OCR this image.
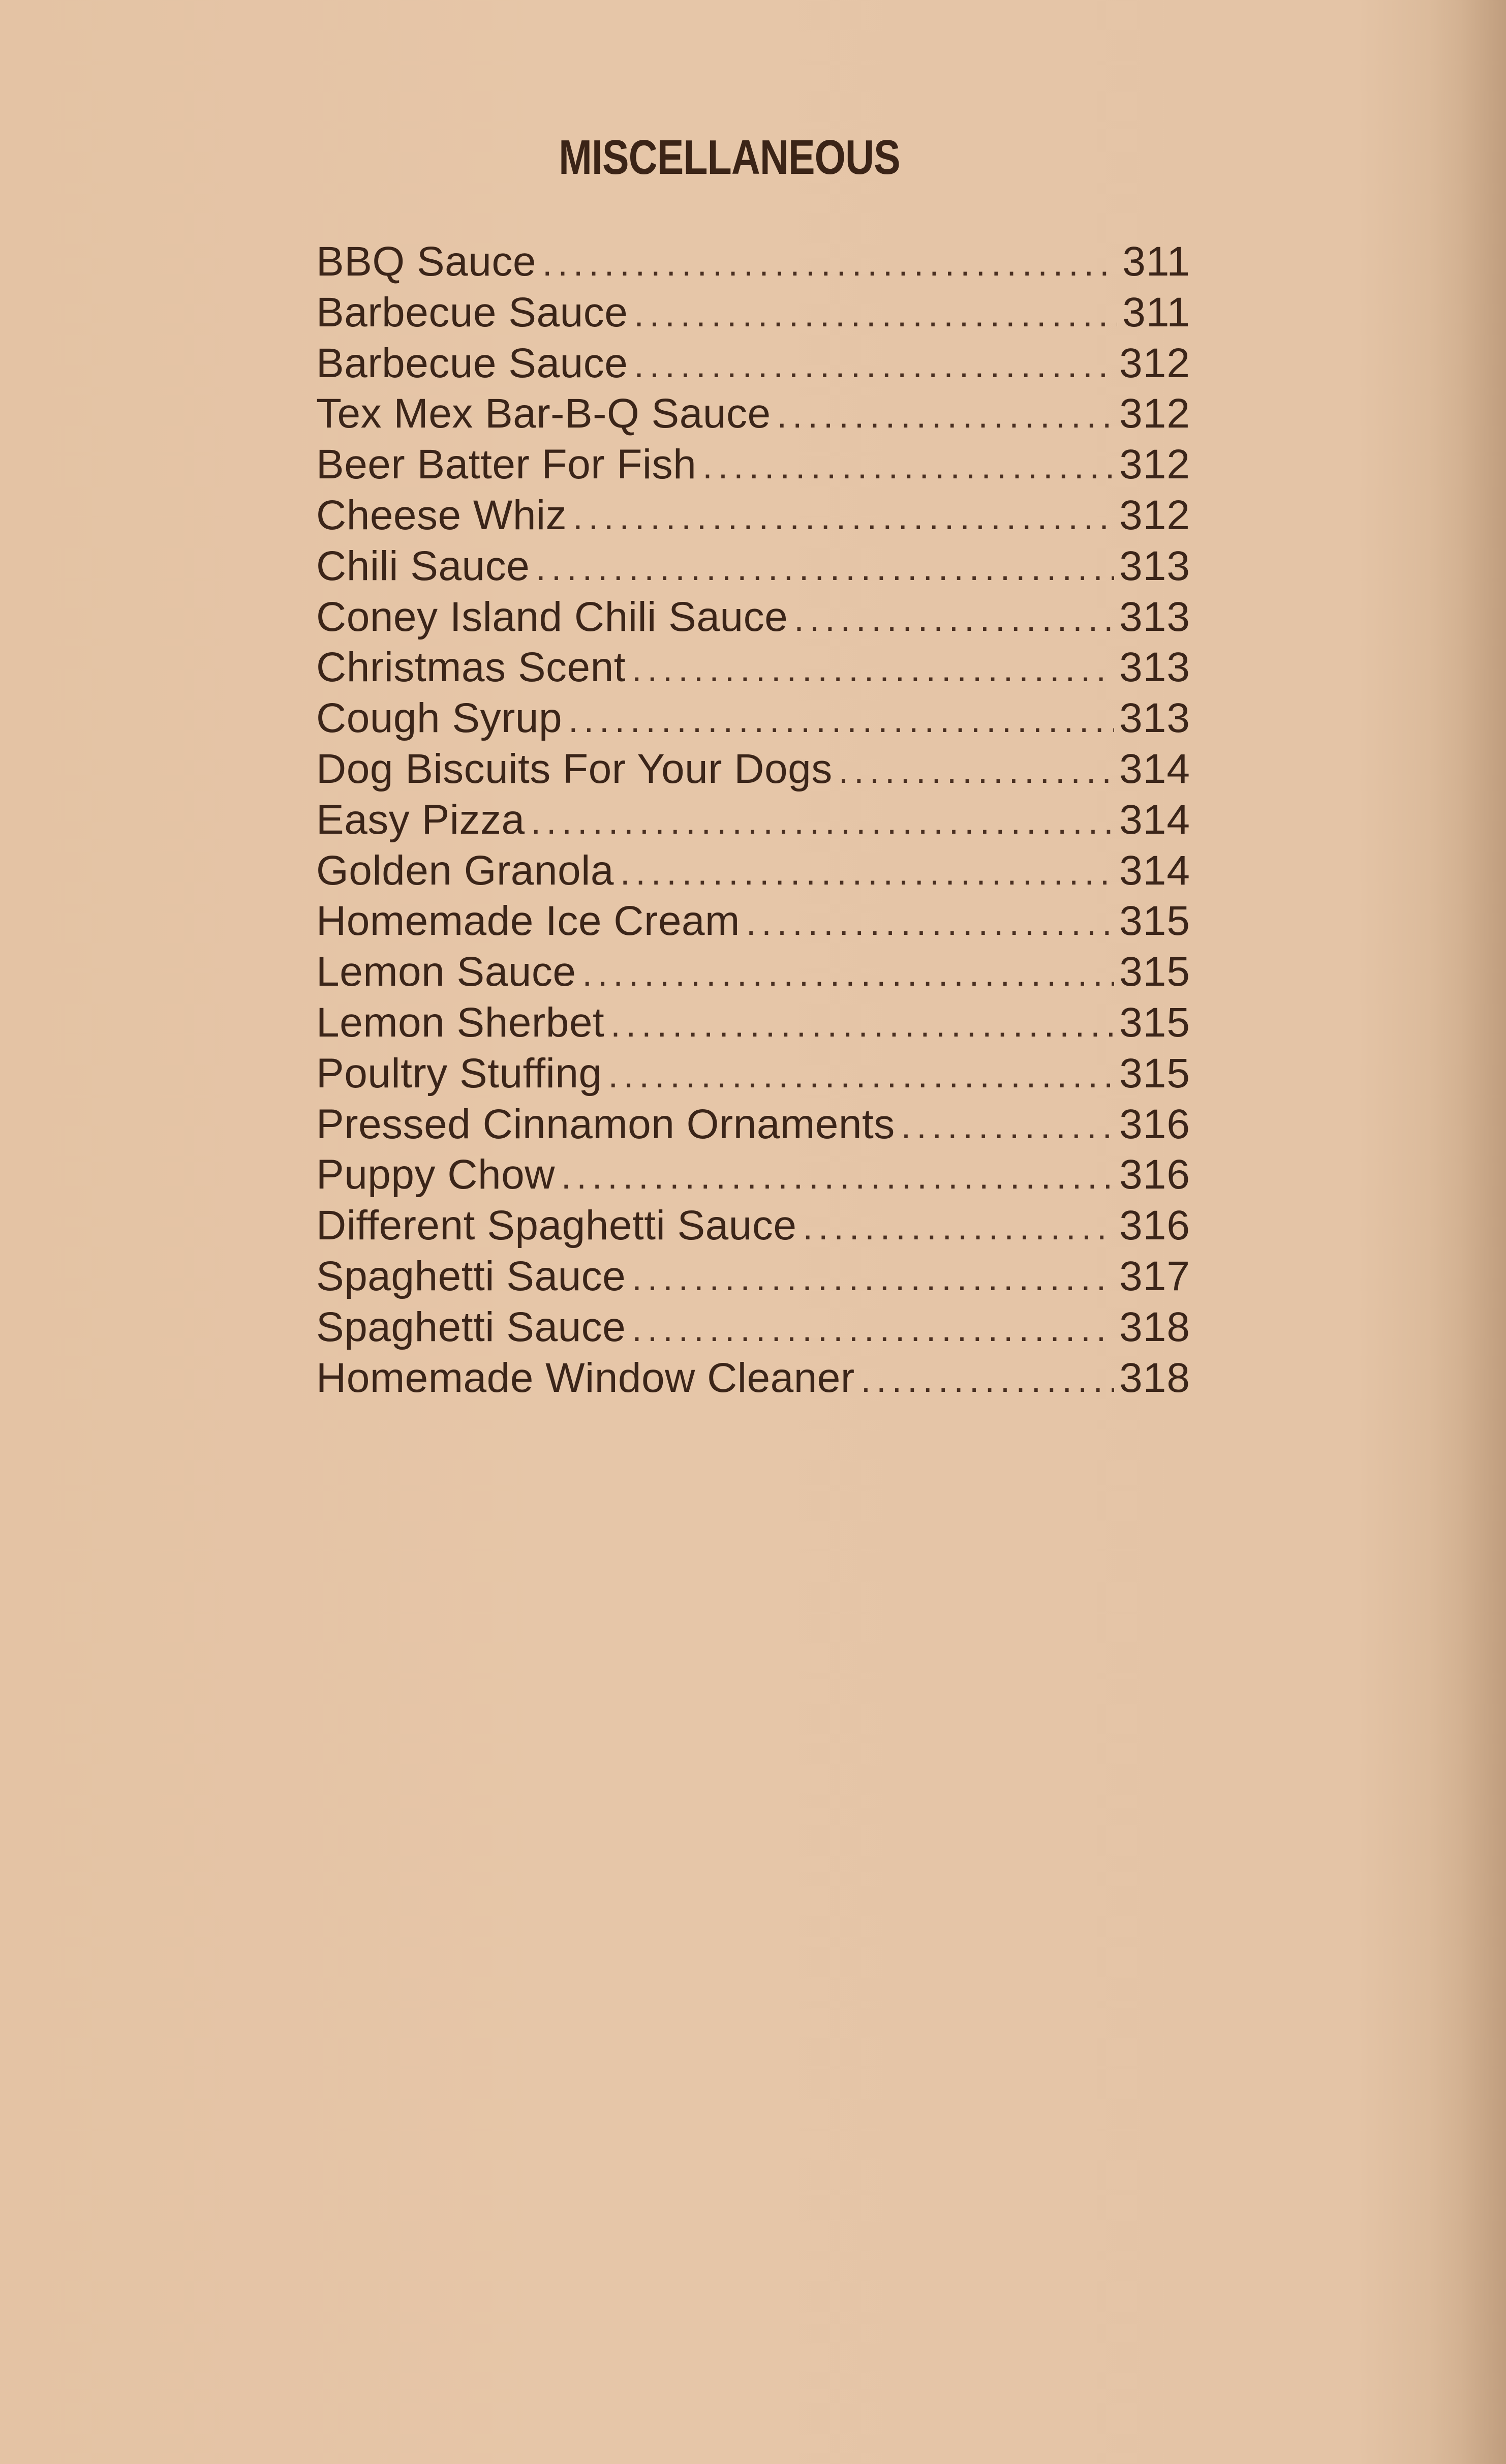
MISCELLANEOUS
BBQ Sauce .....	311
Barbecue Sauce .....	311
Barbecue Sauce .....	312
Tex Mex Bar-B-Q Sauce .....	312
Beer Batter For Fish .....	312
Cheese Whiz .....	312
Chili Sauce .....	313
Coney Island Chili Sauce .....	313
Christmas Scent .....	313
Cough Syrup .....	313
Dog Biscuits For Your Dogs .....	314
Easy Pizza .....	314
Golden Granola .....	314
Homemade Ice Cream .....	315
Lemon Sauce .....	315
Lemon Sherbet .....	315
Poultry Stuffing .....	315
Pressed Cinnamon Ornaments .....	316
Puppy Chow .....	316
Different Spaghetti Sauce .....	316
Spaghetti Sauce .....	317
Spaghetti Sauce .....	318
Homemade Window Cleaner .....	318
